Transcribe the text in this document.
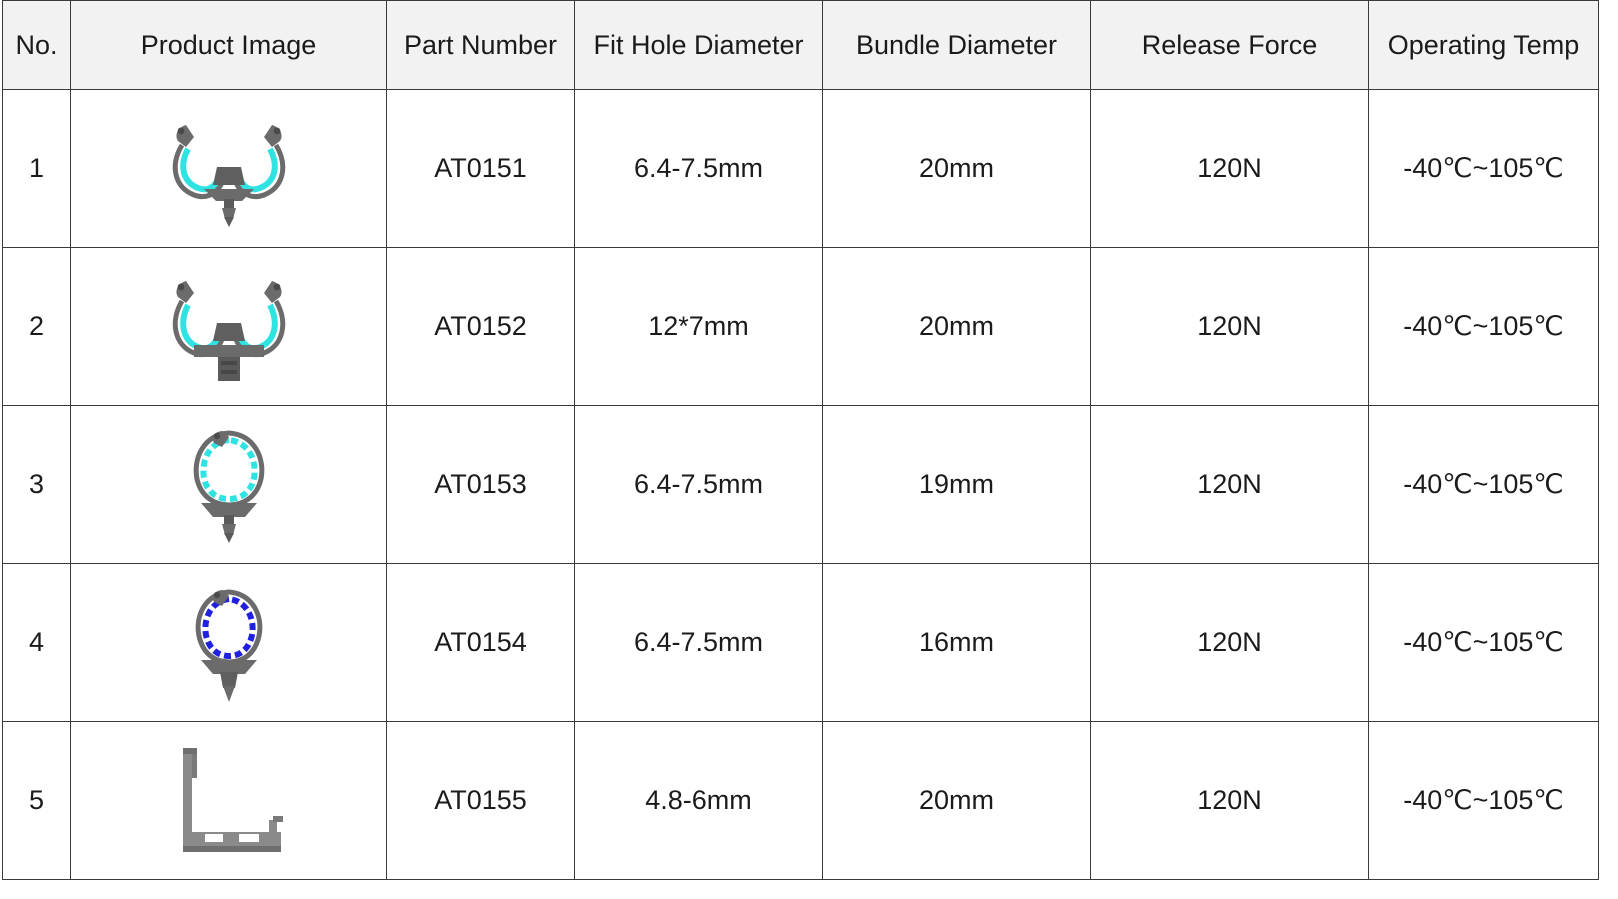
No.	Product Image	Part Number	Fit Hole Diameter	Bundle Diameter	Release Force	Operating Temp
1		AT0151	6.4-7.5mm	20mm	120N	-40℃~105℃
2		AT0152	12*7mm	20mm	120N	-40℃~105℃
3		AT0153	6.4-7.5mm	19mm	120N	-40℃~105℃
4		AT0154	6.4-7.5mm	16mm	120N	-40℃~105℃
5		AT0155	4.8-6mm	20mm	120N	-40℃~105℃
